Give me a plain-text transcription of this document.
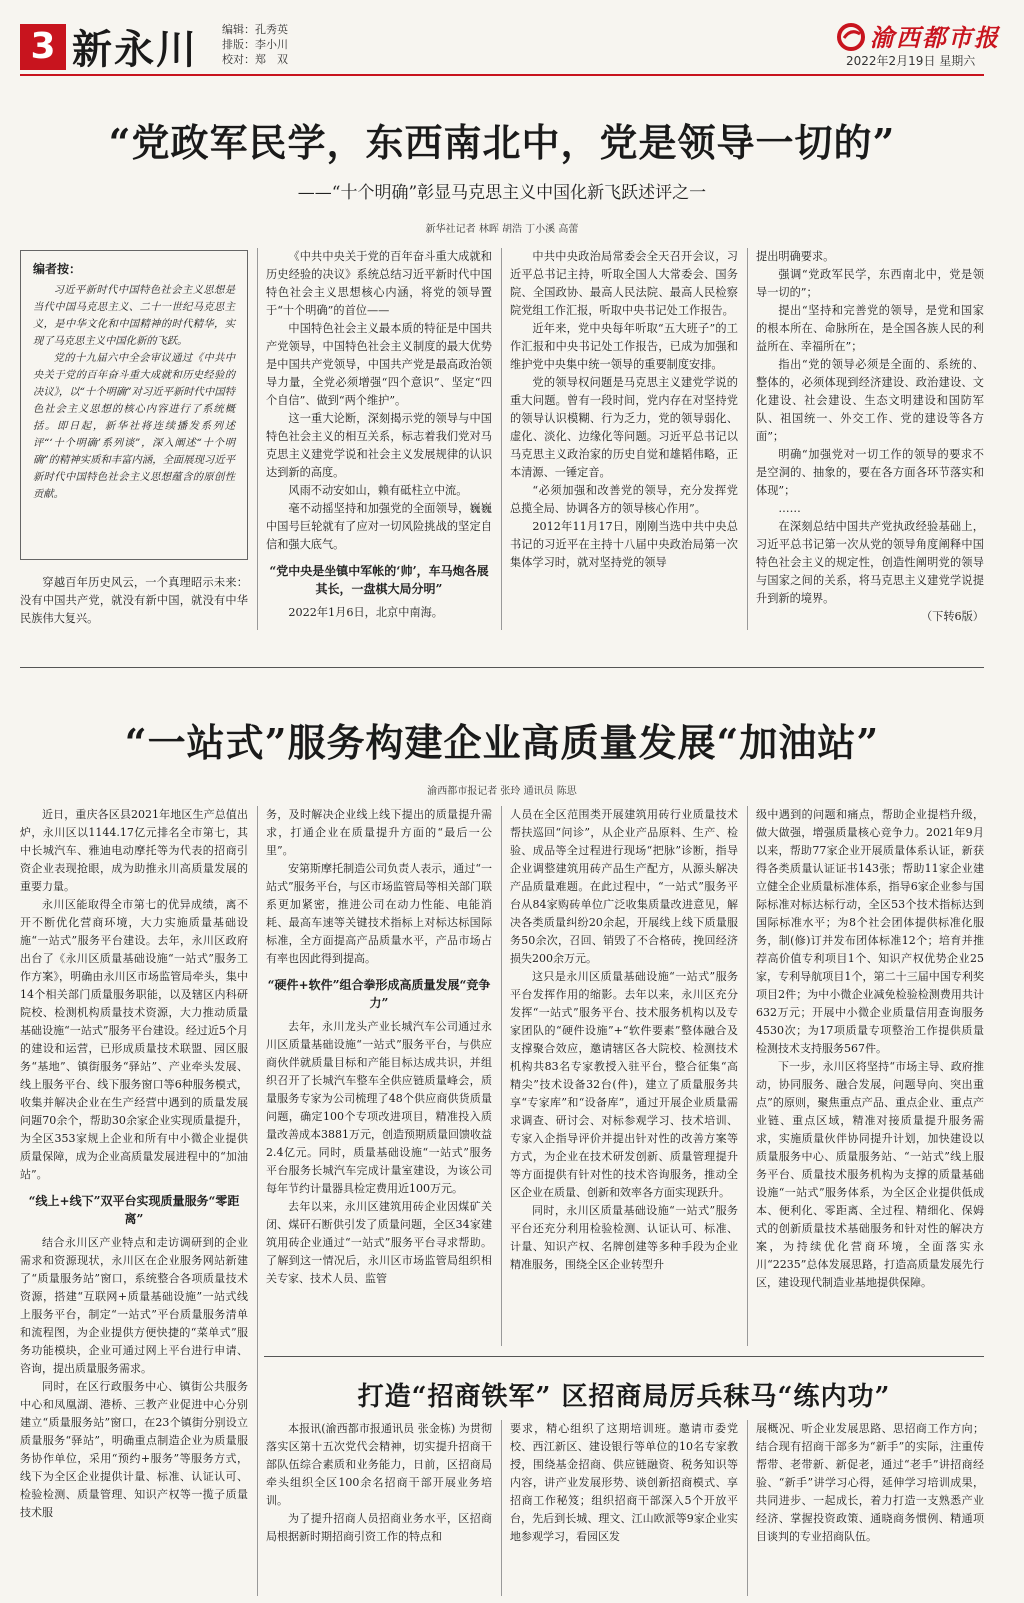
3 新永川 编辑：孔秀英
排版：李小川
校对：郑　双
渝西都市报
2022年2月19日 星期六
“党政军民学，东西南北中，党是领导一切的”
——“十个明确”彰显马克思主义中国化新飞跃述评之一
新华社记者 林晖 胡浩 丁小溪 高蕾
编者按：

习近平新时代中国特色社会主义思想是当代中国马克思主义、二十一世纪马克思主义，是中华文化和中国精神的时代精华，实现了马克思主义中国化新的飞跃。

党的十九届六中全会审议通过《中共中央关于党的百年奋斗重大成就和历史经验的决议》，以“十个明确”对习近平新时代中国特色社会主义思想的核心内容进行了系统概括。即日起，新华社将连续播发系列述评“‘十个明确’系列谈”，深入阐述“十个明确”的精神实质和丰富内涵，全面展现习近平新时代中国特色社会主义思想蕴含的原创性贡献。

穿越百年历史风云，一个真理昭示未来：没有中国共产党，就没有新中国，就没有中华民族伟大复兴。

《中共中央关于党的百年奋斗重大成就和历史经验的决议》系统总结习近平新时代中国特色社会主义思想核心内涵，将党的领导置于“十个明确”的首位——

中国特色社会主义最本质的特征是中国共产党领导，中国特色社会主义制度的最大优势是中国共产党领导，中国共产党是最高政治领导力量，全党必须增强“四个意识”、坚定“四个自信”、做到“两个维护”。

这一重大论断，深刻揭示党的领导与中国特色社会主义的相互关系，标志着我们党对马克思主义建党学说和社会主义发展规律的认识达到新的高度。

风雨不动安如山，赖有砥柱立中流。

毫不动摇坚持和加强党的全面领导，巍巍中国号巨轮就有了应对一切风险挑战的坚定自信和强大底气。

“党中央是坐镇中军帐的‘帅’，车马炮各展其长，一盘棋大局分明”

2022年1月6日，北京中南海。

中共中央政治局常委会全天召开会议，习近平总书记主持，听取全国人大常委会、国务院、全国政协、最高人民法院、最高人民检察院党组工作汇报，听取中央书记处工作报告。

近年来，党中央每年听取“五大班子”的工作汇报和中央书记处工作报告，已成为加强和维护党中央集中统一领导的重要制度安排。

党的领导权问题是马克思主义建党学说的重大问题。曾有一段时间，党内存在对坚持党的领导认识模糊、行为乏力，党的领导弱化、虚化、淡化、边缘化等问题。习近平总书记以马克思主义政治家的历史自觉和雄韬伟略，正本清源、一锤定音。

“必须加强和改善党的领导，充分发挥党总揽全局、协调各方的领导核心作用”。

2012年11月17日，刚刚当选中共中央总书记的习近平在主持十八届中央政治局第一次集体学习时，就对坚持党的领导

提出明确要求。

强调“党政军民学，东西南北中，党是领导一切的”；

提出“坚持和完善党的领导，是党和国家的根本所在、命脉所在，是全国各族人民的利益所在、幸福所在”；

指出“党的领导必须是全面的、系统的、整体的，必须体现到经济建设、政治建设、文化建设、社会建设、生态文明建设和国防军队、祖国统一、外交工作、党的建设等各方面”；

明确“加强党对一切工作的领导的要求不是空洞的、抽象的，要在各方面各环节落实和体现”；

……

在深刻总结中国共产党执政经验基础上，习近平总书记第一次从党的领导角度阐释中国特色社会主义的规定性，创造性阐明党的领导与国家之间的关系，将马克思主义建党学说提升到新的境界。

（下转6版）

“一站式”服务构建企业高质量发展“加油站”
渝西都市报记者 张玲 通讯员 陈思

近日，重庆各区县2021年地区生产总值出炉，永川区以1144.17亿元排名全市第七，其中长城汽车、雅迪电动摩托等为代表的招商引资企业表现抢眼，成为助推永川高质量发展的重要力量。

永川区能取得全市第七的优异成绩，离不开不断优化营商环境，大力实施质量基础设施“一站式”服务平台建设。去年，永川区政府出台了《永川区质量基础设施“一站式”服务工作方案》，明确由永川区市场监管局牵头，集中14个相关部门质量服务职能，以及辖区内科研院校、检测机构质量技术资源，大力推动质量基础设施“一站式”服务平台建设。经过近5个月的建设和运营，已形成质量技术联盟、园区服务“基地”、镇街服务“驿站”、产业牵头发展、线上服务平台、线下服务窗口等6种服务模式，收集并解决企业在生产经营中遇到的质量发展问题70余个，帮助30余家企业实现质量提升，为全区353家规上企业和所有中小微企业提供质量保障，成为企业高质量发展进程中的“加油站”。

“线上+线下”双平台实现质量服务“零距离”

结合永川区产业特点和走访调研到的企业需求和资源现状，永川区在企业服务网站新建了“质量服务站”窗口，系统整合各项质量技术资源，搭建“互联网+质量基础设施”一站式线上服务平台，制定“一站式”平台质量服务清单和流程图，为企业提供方便快捷的“菜单式”服务功能模块，企业可通过网上平台进行申请、咨询，提出质量服务需求。

同时，在区行政服务中心、镇街公共服务中心和凤凰湖、港桥、三教产业促进中心分别建立“质量服务站”窗口，在23个镇街分别设立质量服务“驿站”，明确重点制造企业为质量服务协作单位，采用“预约+服务”等服务方式，线下为全区企业提供计量、标准、认证认可、检验检测、质量管理、知识产权等一揽子质量技术服

务，及时解决企业线上线下提出的质量提升需求，打通企业在质量提升方面的“最后一公里”。

安第斯摩托制造公司负责人表示，通过“一站式”服务平台，与区市场监管局等相关部门联系更加紧密，推进公司在动力性能、电能消耗、最高车速等关键技术指标上对标达标国际标准，全方面提高产品质量水平，产品市场占有率也因此得到提高。

“硬件+软件”组合拳形成高质量发展“竞争力”

去年，永川龙头产业长城汽车公司通过永川区质量基础设施“一站式”服务平台，与供应商伙伴就质量目标和产能目标达成共识，并组织召开了长城汽车整车全供应链质量峰会，质量服务专家为公司梳理了48个供应商供货质量问题，确定100个专项改进项目，精准投入质量改善成本3881万元，创造预期质量回馈收益2.4亿元。同时，质量基础设施“一站式”服务平台服务长城汽车完成计量室建设，为该公司每年节约计量器具检定费用近100万元。

去年以来，永川区建筑用砖企业因煤矿关闭、煤矸石断供引发了质量问题，全区34家建筑用砖企业通过“一站式”服务平台寻求帮助。了解到这一情况后，永川区市场监管局组织相关专家、技术人员、监管

人员在全区范围类开展建筑用砖行业质量技术帮扶巡回“问诊”，从企业产品原料、生产、检验、成品等全过程进行现场“把脉”诊断，指导企业调整建筑用砖产品生产配方，从源头解决产品质量难题。在此过程中，“一站式”服务平台从84家购砖单位广泛收集质量改进意见，解决各类质量纠纷20余起，开展线上线下质量服务50余次，召回、销毁了不合格砖，挽回经济损失200余万元。

这只是永川区质量基础设施“一站式”服务平台发挥作用的缩影。去年以来，永川区充分发挥“一站式”服务平台、技术服务机构以及专家团队的“硬件设施”+“软件要素”整体融合及支撑聚合效应，邀请辖区各大院校、检测技术机构共83名专家教授入驻平台，整合征集“高精尖”技术设备32台(件)，建立了质量服务共享“专家库”和“设备库”，通过开展企业质量需求调查、研讨会、对标参观学习、技术培训、专家入企指导评价并提出针对性的改善方案等方式，为企业在技术研发创新、质量管理提升等方面提供有针对性的技术咨询服务，推动全区企业在质量、创新和效率各方面实现跃升。

同时，永川区质量基础设施“一站式”服务平台还充分利用检验检测、认证认可、标准、计量、知识产权、名牌创建等多种手段为企业精准服务，围绕全区企业转型升

级中遇到的问题和痛点，帮助企业提档升级，做大做强，增强质量核心竞争力。2021年9月以来，帮助77家企业开展质量体系认证，新获得各类质量认证证书143张；帮助11家企业建立健全企业质量标准体系，指导6家企业参与国际标准对标达标行动，全区53个技术指标达到国际标准水平；为8个社会团体提供标准化服务，制(修)订并发布团体标准12个；培育并推荐高价值专利项目1个、知识产权优势企业25家，专利导航项目1个，第二十三届中国专利奖项目2件；为中小微企业减免检验检测费用共计632万元；开展中小微企业质量信用查询服务4530次；为17项质量专项整治工作提供质量检测技术支持服务567件。

下一步，永川区将坚持“市场主导、政府推动，协同服务、融合发展，问题导向、突出重点”的原则，聚焦重点产品、重点企业、重点产业链、重点区域，精准对接质量提升服务需求，实施质量伙伴协同提升计划，加快建设以质量服务中心、质量服务站、“一站式”线上服务平台、质量技术服务机构为支撑的质量基础设施“一站式”服务体系，为全区企业提供低成本、便利化、零距离、全过程、精细化、保姆式的创新质量技术基础服务和针对性的解决方案，为持续优化营商环境，全面落实永川“2235”总体发展思路，打造高质量发展先行区，建设现代制造业基地提供保障。

打造“招商铁军” 区招商局厉兵秣马“练内功”

本报讯(渝西都市报通讯员 张金栋) 为贯彻落实区第十五次党代会精神，切实提升招商干部队伍综合素质和业务能力，日前，区招商局牵头组织全区100余名招商干部开展业务培训。

为了提升招商人员招商业务水平，区招商局根据新时期招商引资工作的特点和

要求，精心组织了这期培训班。邀请市委党校、西江新区、建设银行等单位的10名专家教授，围绕基金招商、供应链融资、税务知识等内容，讲产业发展形势、谈创新招商模式、享招商工作秘笈；组织招商干部深入5个开放平台，先后到长城、理文、江山欧派等9家企业实地参观学习，看园区发

展概况、听企业发展思路、思招商工作方向；结合现有招商干部多为“新手”的实际，注重传帮带、老带新、新促老，通过“老手”讲招商经验、“新手”讲学习心得，延伸学习培训成果，共同进步、一起成长，着力打造一支熟悉产业经济、掌握投资政策、通晓商务惯例、精通项目谈判的专业招商队伍。
